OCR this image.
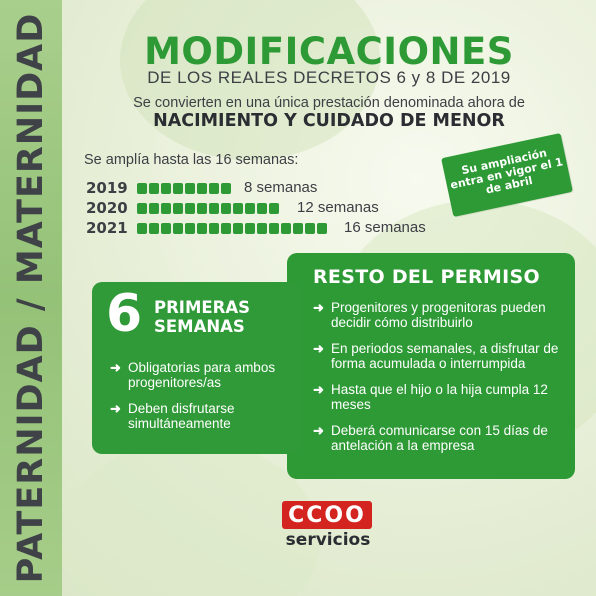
PATERNIDAD / MATERNIDAD	MODIFICACIONES
DE LOS REALES DECRETOS 6 y 8 DE 2019
Se convierten en una única prestación denominada ahora de
NACIMIENTO Y CUIDADO DE MENOR
Se amplía hasta las 16 semanas:
2019	8 semanas
2020	12 semanas
2021	16 semanas
Su ampliación entra en vigor el 1 de abril
RESTO DEL PERMISO
➜ Progenitores y progenitoras pueden decidir cómo distribuirlo
➜ En periodos semanales, a disfrutar de forma acumulada o interrumpida
➜ Hasta que el hijo o la hija cumpla 12 meses
➜ Deberá comunicarse con 15 días de antelación a la empresa
6 PRIMERAS
SEMANAS
➜ Obligatorias para ambos progenitores/as
➜ Deben disfrutarse simultáneamente
CCOO
servicios
